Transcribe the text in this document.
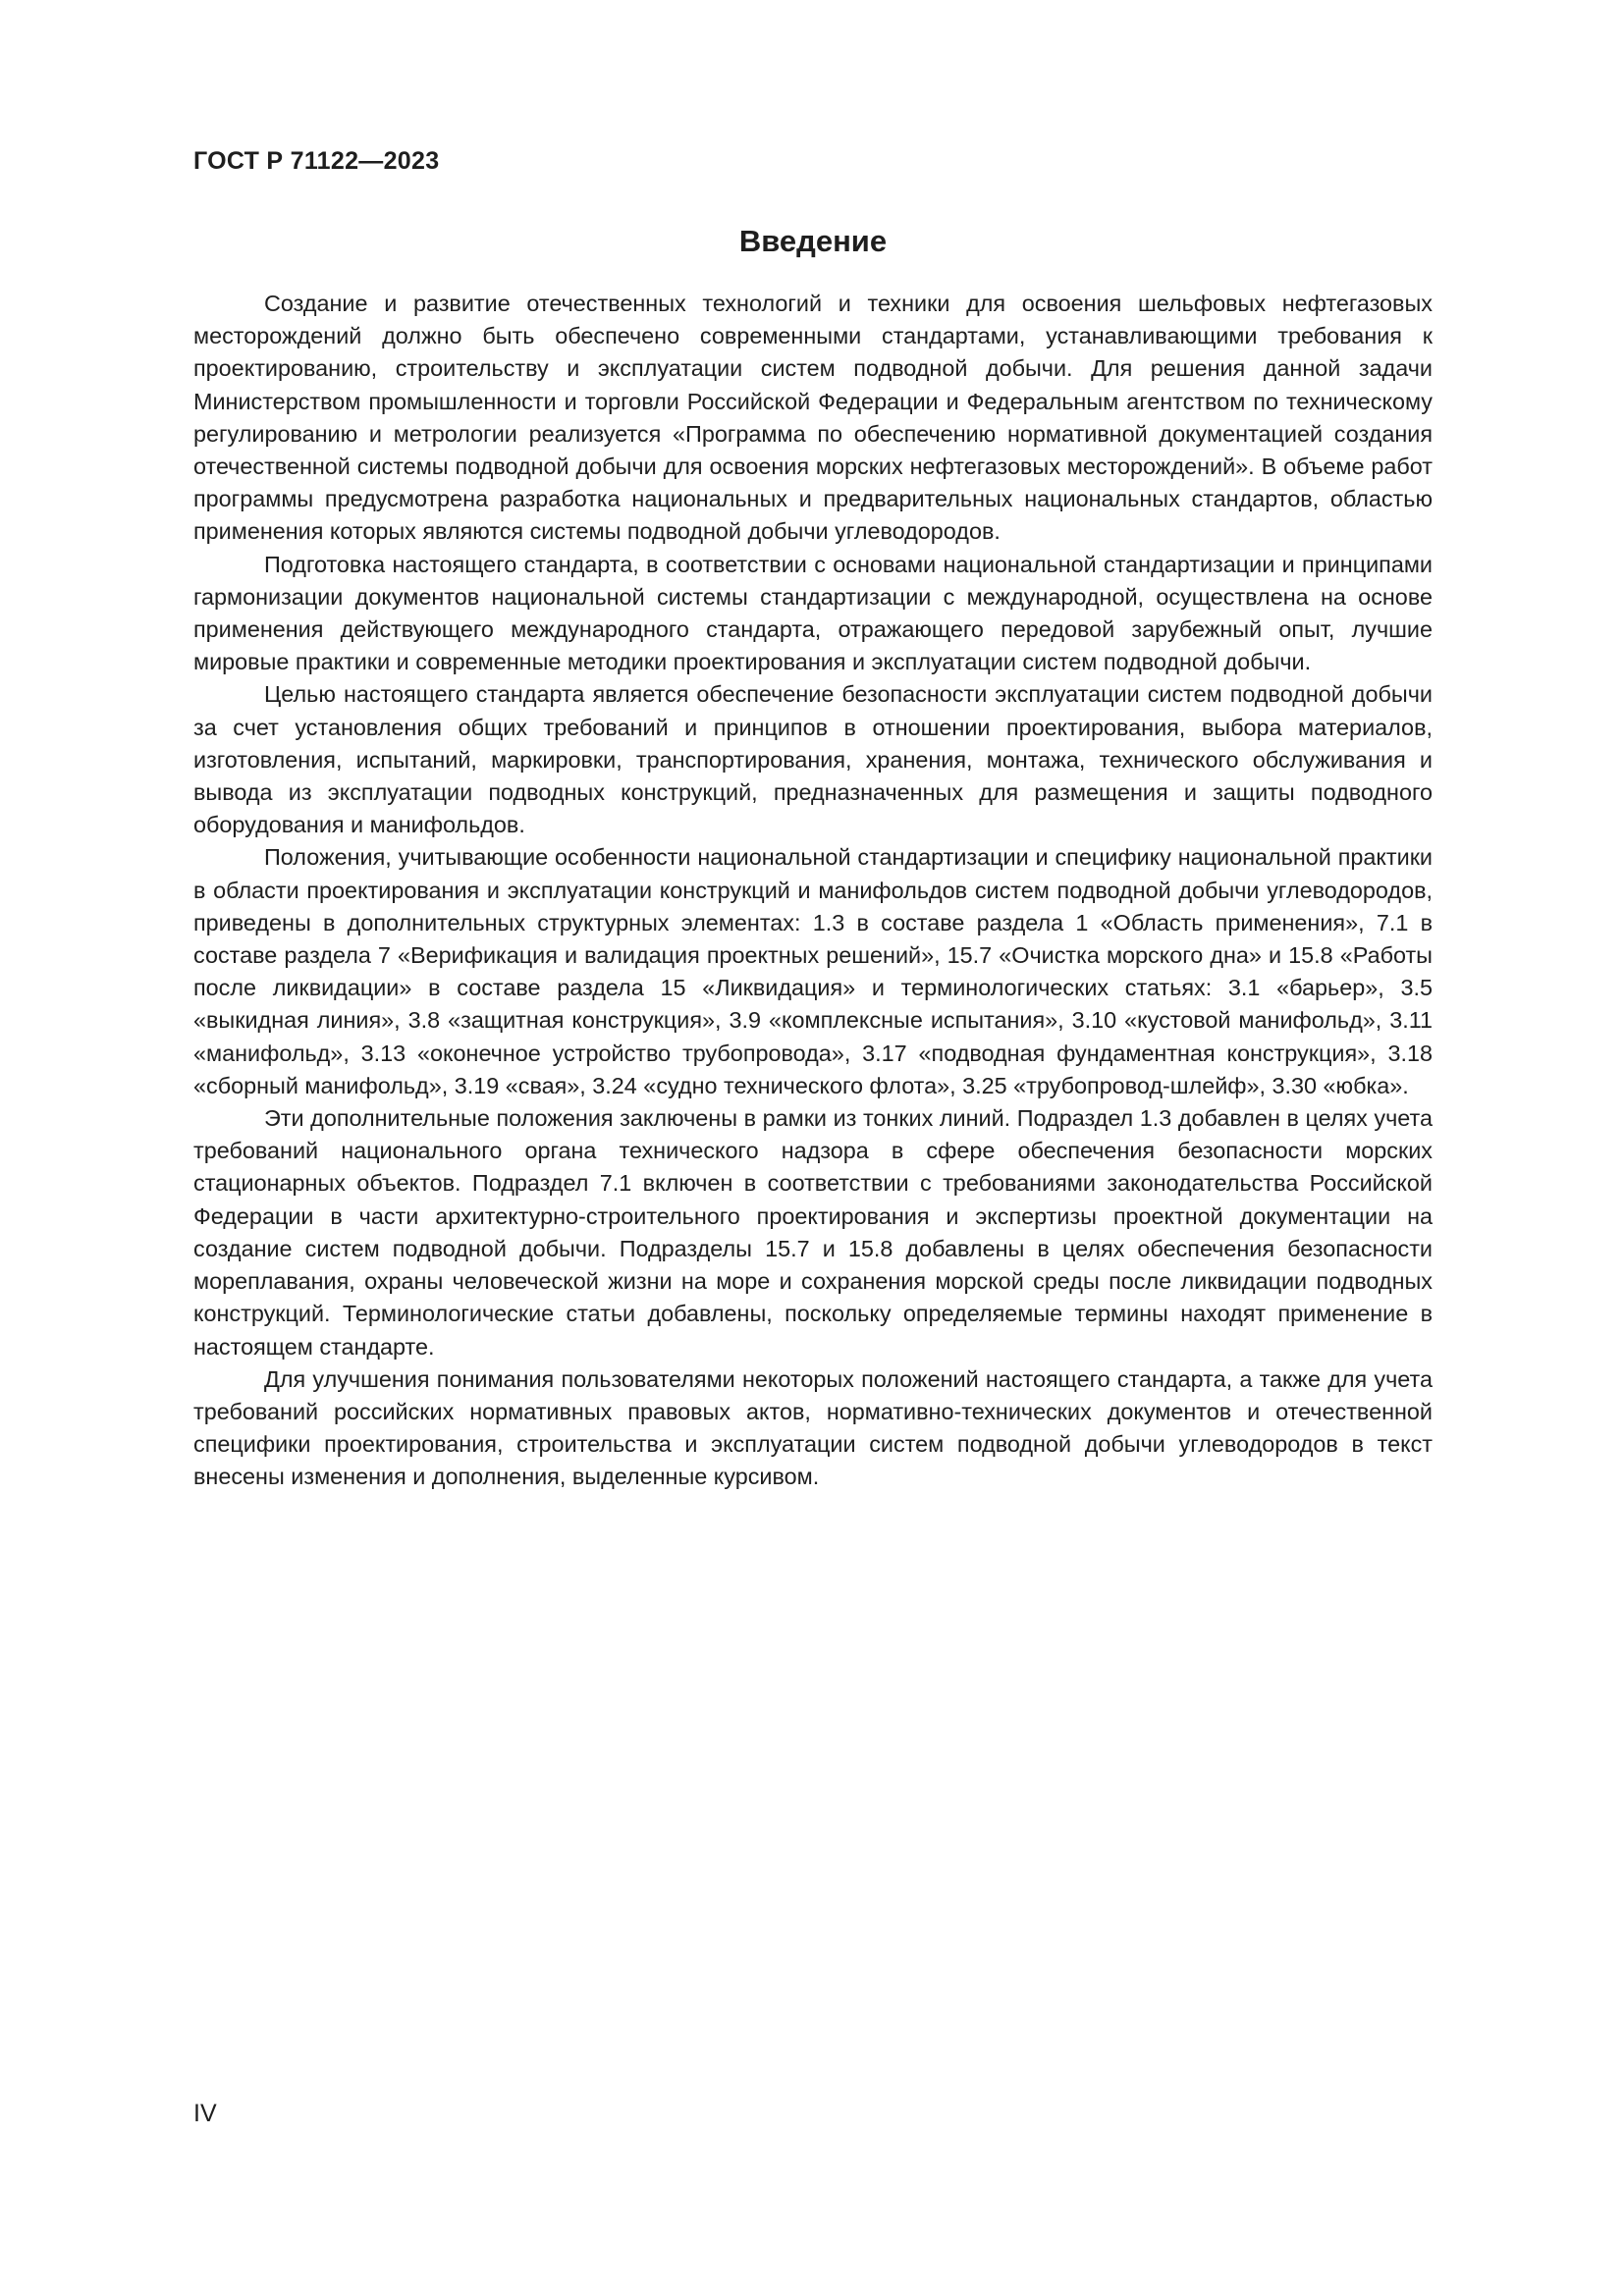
ГОСТ Р 71122—2023
Введение

Создание и развитие отечественных технологий и техники для освоения шельфовых нефтегазовых месторождений должно быть обеспечено современными стандартами, устанавливающими требования к проектированию, строительству и эксплуатации систем подводной добычи. Для решения данной задачи Министерством промышленности и торговли Российской Федерации и Федеральным агентством по техническому регулированию и метрологии реализуется «Программа по обеспечению нормативной документацией создания отечественной системы подводной добычи для освоения морских нефтегазовых месторождений». В объеме работ программы предусмотрена разработка национальных и предварительных национальных стандартов, областью применения которых являются системы подводной добычи углеводородов.

Подготовка настоящего стандарта, в соответствии с основами национальной стандартизации и принципами гармонизации документов национальной системы стандартизации с международной, осуществлена на основе применения действующего международного стандарта, отражающего передовой зарубежный опыт, лучшие мировые практики и современные методики проектирования и эксплуатации систем подводной добычи.

Целью настоящего стандарта является обеспечение безопасности эксплуатации систем подводной добычи за счет установления общих требований и принципов в отношении проектирования, выбора материалов, изготовления, испытаний, маркировки, транспортирования, хранения, монтажа, технического обслуживания и вывода из эксплуатации подводных конструкций, предназначенных для размещения и защиты подводного оборудования и манифольдов.

Положения, учитывающие особенности национальной стандартизации и специфику национальной практики в области проектирования и эксплуатации конструкций и манифольдов систем подводной добычи углеводородов, приведены в дополнительных структурных элементах: 1.3 в составе раздела 1 «Область применения», 7.1 в составе раздела 7 «Верификация и валидация проектных решений», 15.7 «Очистка морского дна» и 15.8 «Работы после ликвидации» в составе раздела 15 «Ликвидация» и терминологических статьях: 3.1 «барьер», 3.5 «выкидная линия», 3.8 «защитная конструкция», 3.9 «комплексные испытания», 3.10 «кустовой манифольд», 3.11 «манифольд», 3.13 «оконечное устройство трубопровода», 3.17 «подводная фундаментная конструкция», 3.18 «сборный манифольд», 3.19 «свая», 3.24 «судно технического флота», 3.25 «трубопровод-шлейф», 3.30 «юбка».

Эти дополнительные положения заключены в рамки из тонких линий. Подраздел 1.3 добавлен в целях учета требований национального органа технического надзора в сфере обеспечения безопасности морских стационарных объектов. Подраздел 7.1 включен в соответствии с требованиями законодательства Российской Федерации в части архитектурно-строительного проектирования и экспертизы проектной документации на создание систем подводной добычи. Подразделы 15.7 и 15.8 добавлены в целях обеспечения безопасности мореплавания, охраны человеческой жизни на море и сохранения морской среды после ликвидации подводных конструкций. Терминологические статьи добавлены, поскольку определяемые термины находят применение в настоящем стандарте.

Для улучшения понимания пользователями некоторых положений настоящего стандарта, а также для учета требований российских нормативных правовых актов, нормативно-технических документов и отечественной специфики проектирования, строительства и эксплуатации систем подводной добычи углеводородов в текст внесены изменения и дополнения, выделенные курсивом.

IV
